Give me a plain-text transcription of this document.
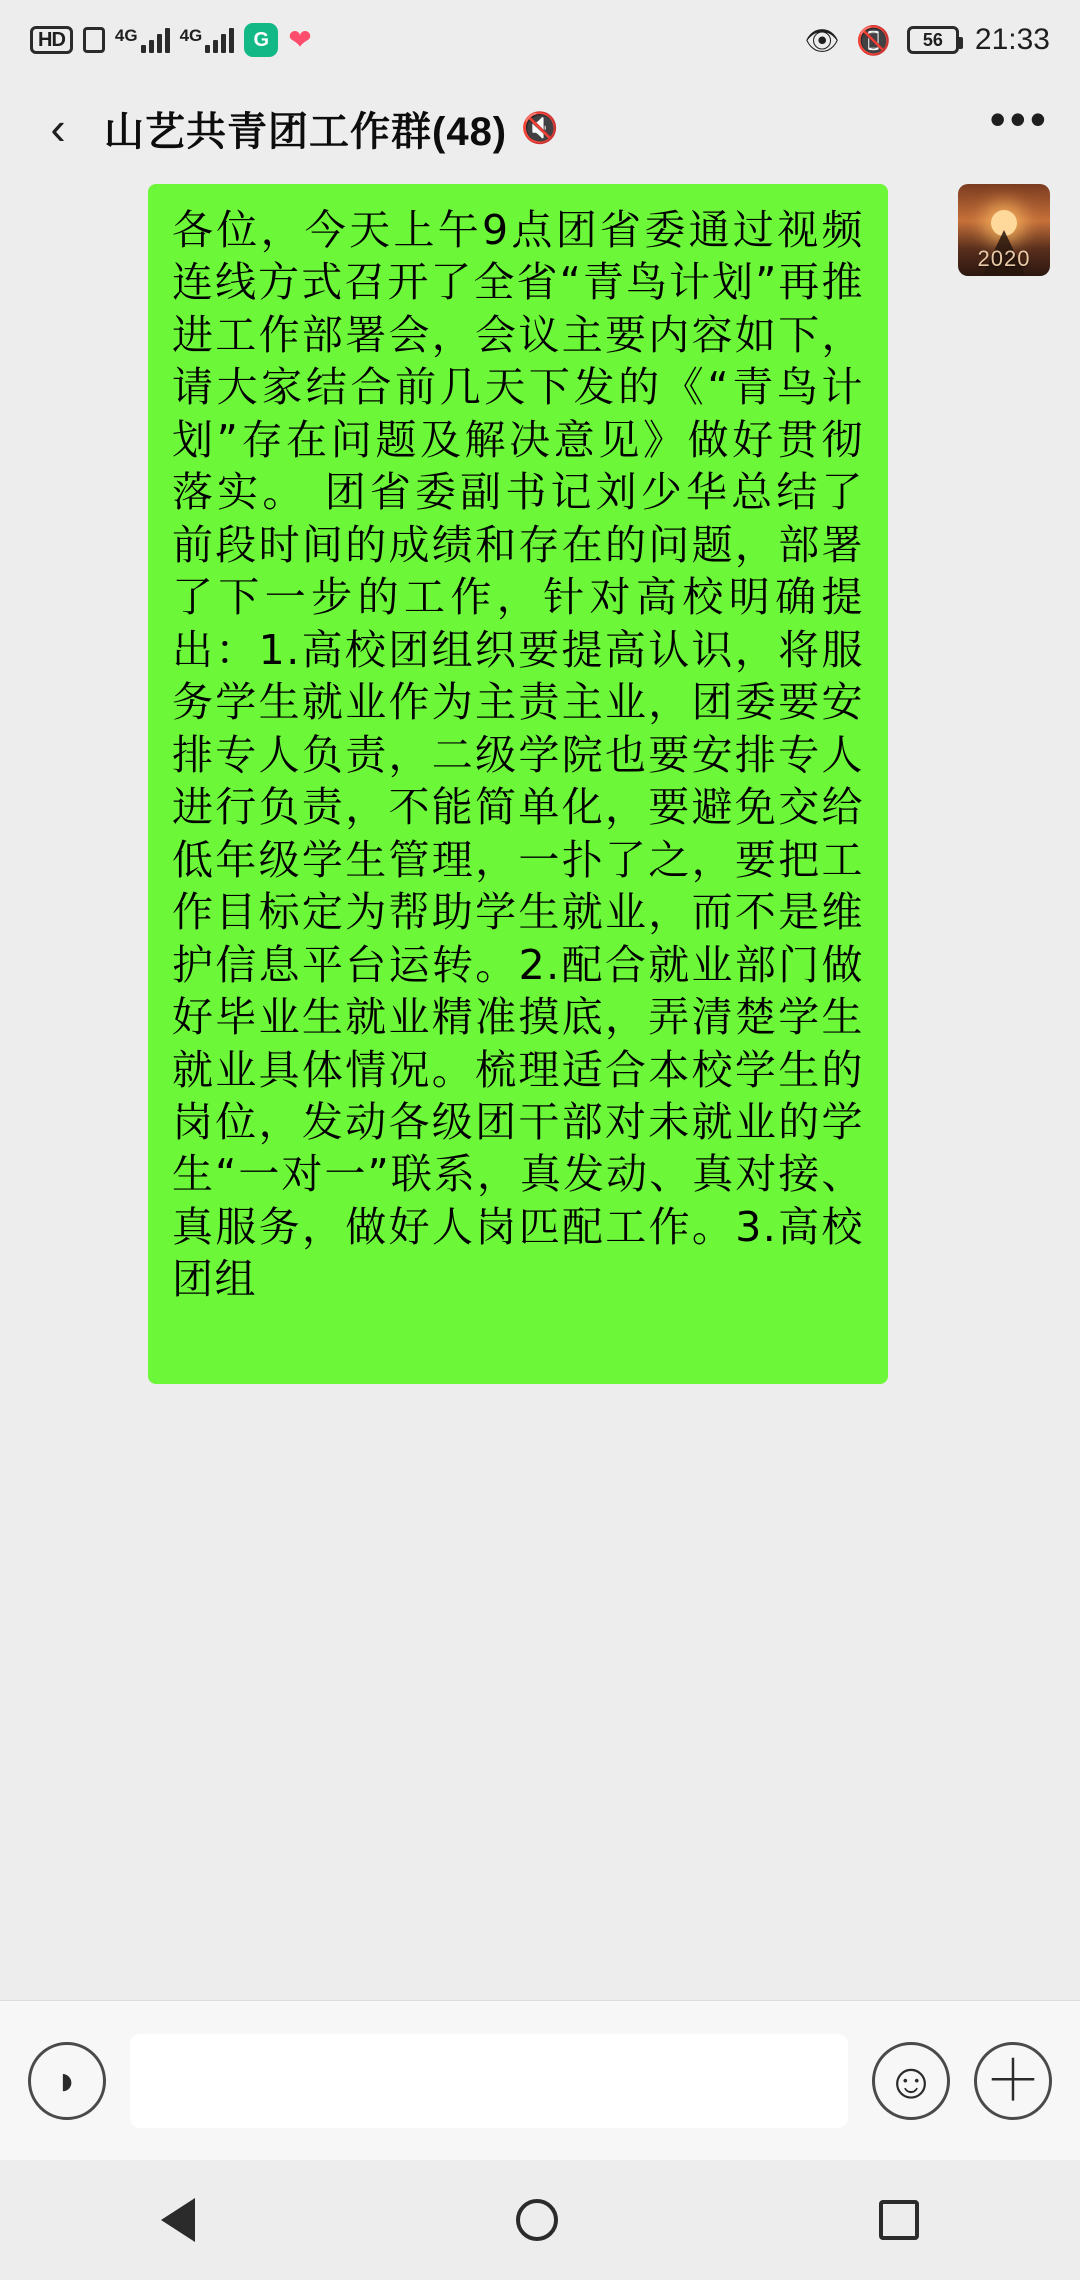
HD	4G 4G	G ❤	👁 📵	56	21:33
‹ 山艺共青团工作群(48) 🔇	•••
2020

各位，今天上午9点团省委通过视频连线方式召开了全省“青鸟计划”再推进工作部署会，会议主要内容如下，请大家结合前几天下发的《“青鸟计划”存在问题及解决意见》做好贯彻落实。 团省委副书记刘少华总结了前段时间的成绩和存在的问题，部署了下一步的工作，针对高校明确提出：1.高校团组织要提高认识，将服务学生就业作为主责主业，团委要安排专人负责，二级学院也要安排专人进行负责，不能简单化，要避免交给低年级学生管理，一扑了之，要把工作目标定为帮助学生就业，而不是维护信息平台运转。2.配合就业部门做好毕业生就业精准摸底，弄清楚学生就业具体情况。梳理适合本校学生的岗位，发动各级团干部对未就业的学生“一对一”联系，真发动、真对接、真服务，做好人岗匹配工作。3.高校团组

◗	☺ ＋
